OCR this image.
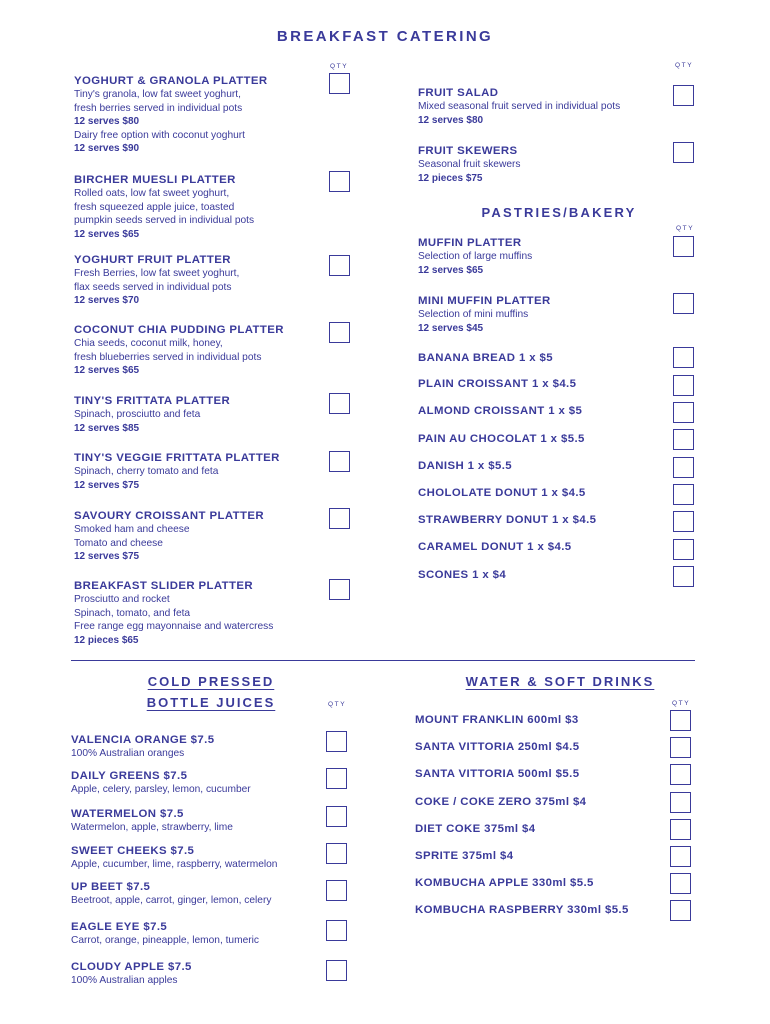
BREAKFAST CATERING
QTY	QTY
PASTRIES/BAKERY
QTY
COLD PRESSED
BOTTLE JUICES	QTY
WATER & SOFT DRINKS
QTY
YOGHURT & GRANOLA PLATTER
Tiny's granola, low fat sweet yoghurt,
fresh berries served in individual pots
12 serves $80
Dairy free option with coconut yoghurt
12 serves $90
BIRCHER MUESLI PLATTER
Rolled oats, low fat sweet yoghurt,
fresh squeezed apple juice, toasted
pumpkin seeds served in individual pots
12 serves $65
YOGHURT FRUIT PLATTER
Fresh Berries, low fat sweet yoghurt,
flax seeds served in individual pots
12 serves $70
COCONUT CHIA PUDDING PLATTER
Chia seeds, coconut milk, honey,
fresh blueberries served in individual pots
12 serves $65
TINY'S FRITTATA PLATTER
Spinach, prosciutto and feta
12 serves $85
TINY'S VEGGIE FRITTATA PLATTER
Spinach, cherry tomato and feta
12 serves $75
SAVOURY CROISSANT PLATTER
Smoked ham and cheese
Tomato and cheese
12 serves $75
BREAKFAST SLIDER PLATTER
Prosciutto and rocket
Spinach, tomato, and feta
Free range egg mayonnaise and watercress
12 pieces $65
FRUIT SALAD
Mixed seasonal fruit served in individual pots
12 serves $80
FRUIT SKEWERS
Seasonal fruit skewers
12 pieces $75
MUFFIN PLATTER
Selection of large muffins
12 serves $65
MINI MUFFIN PLATTER
Selection of mini muffins
12 serves $45
BANANA BREAD 1 x $5
PLAIN CROISSANT 1 x $4.5
ALMOND CROISSANT 1 x $5
PAIN AU CHOCOLAT 1 x $5.5
DANISH 1 x $5.5
CHOLOLATE DONUT 1 x $4.5
STRAWBERRY DONUT 1 x $4.5
CARAMEL DONUT 1 x $4.5
SCONES 1 x $4
VALENCIA ORANGE $7.5
100% Australian oranges
DAILY GREENS $7.5
Apple, celery, parsley, lemon, cucumber
WATERMELON $7.5
Watermelon, apple, strawberry, lime
SWEET CHEEKS $7.5
Apple, cucumber, lime, raspberry, watermelon
UP BEET $7.5
Beetroot, apple, carrot, ginger, lemon, celery
EAGLE EYE $7.5
Carrot, orange, pineapple, lemon, tumeric
CLOUDY APPLE $7.5
100% Australian apples
MOUNT FRANKLIN 600ml $3
SANTA VITTORIA 250ml $4.5
SANTA VITTORIA 500ml $5.5
COKE / COKE ZERO 375ml $4
DIET COKE 375ml $4
SPRITE 375ml $4
KOMBUCHA APPLE 330ml $5.5
KOMBUCHA RASPBERRY 330ml $5.5
